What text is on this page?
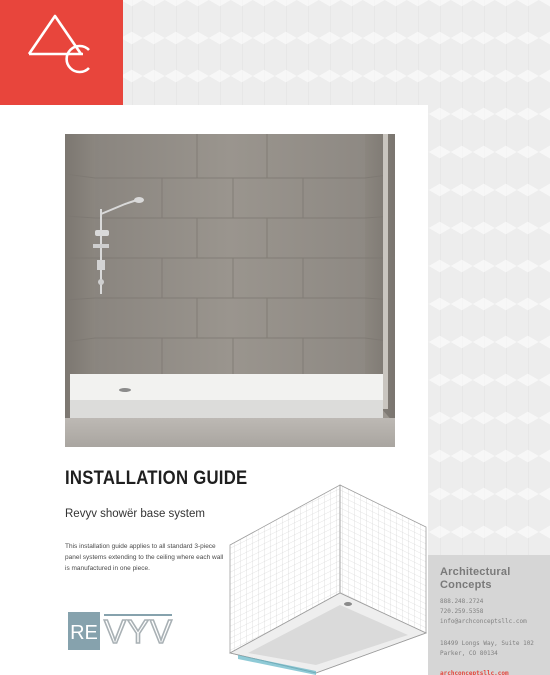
INSTALLATION GUIDE
Revyv showër base system
This installation guide applies to all standard 3-piece panel systems extending to the ceiling where each wall is manufactured in one piece.
RE VYV
Architectural
Concepts
888.248.2724
720.259.5358
info@archconceptsllc.com
18499 Longs Way, Suite 102
Parker, CO 80134
archconceptsllc.com
